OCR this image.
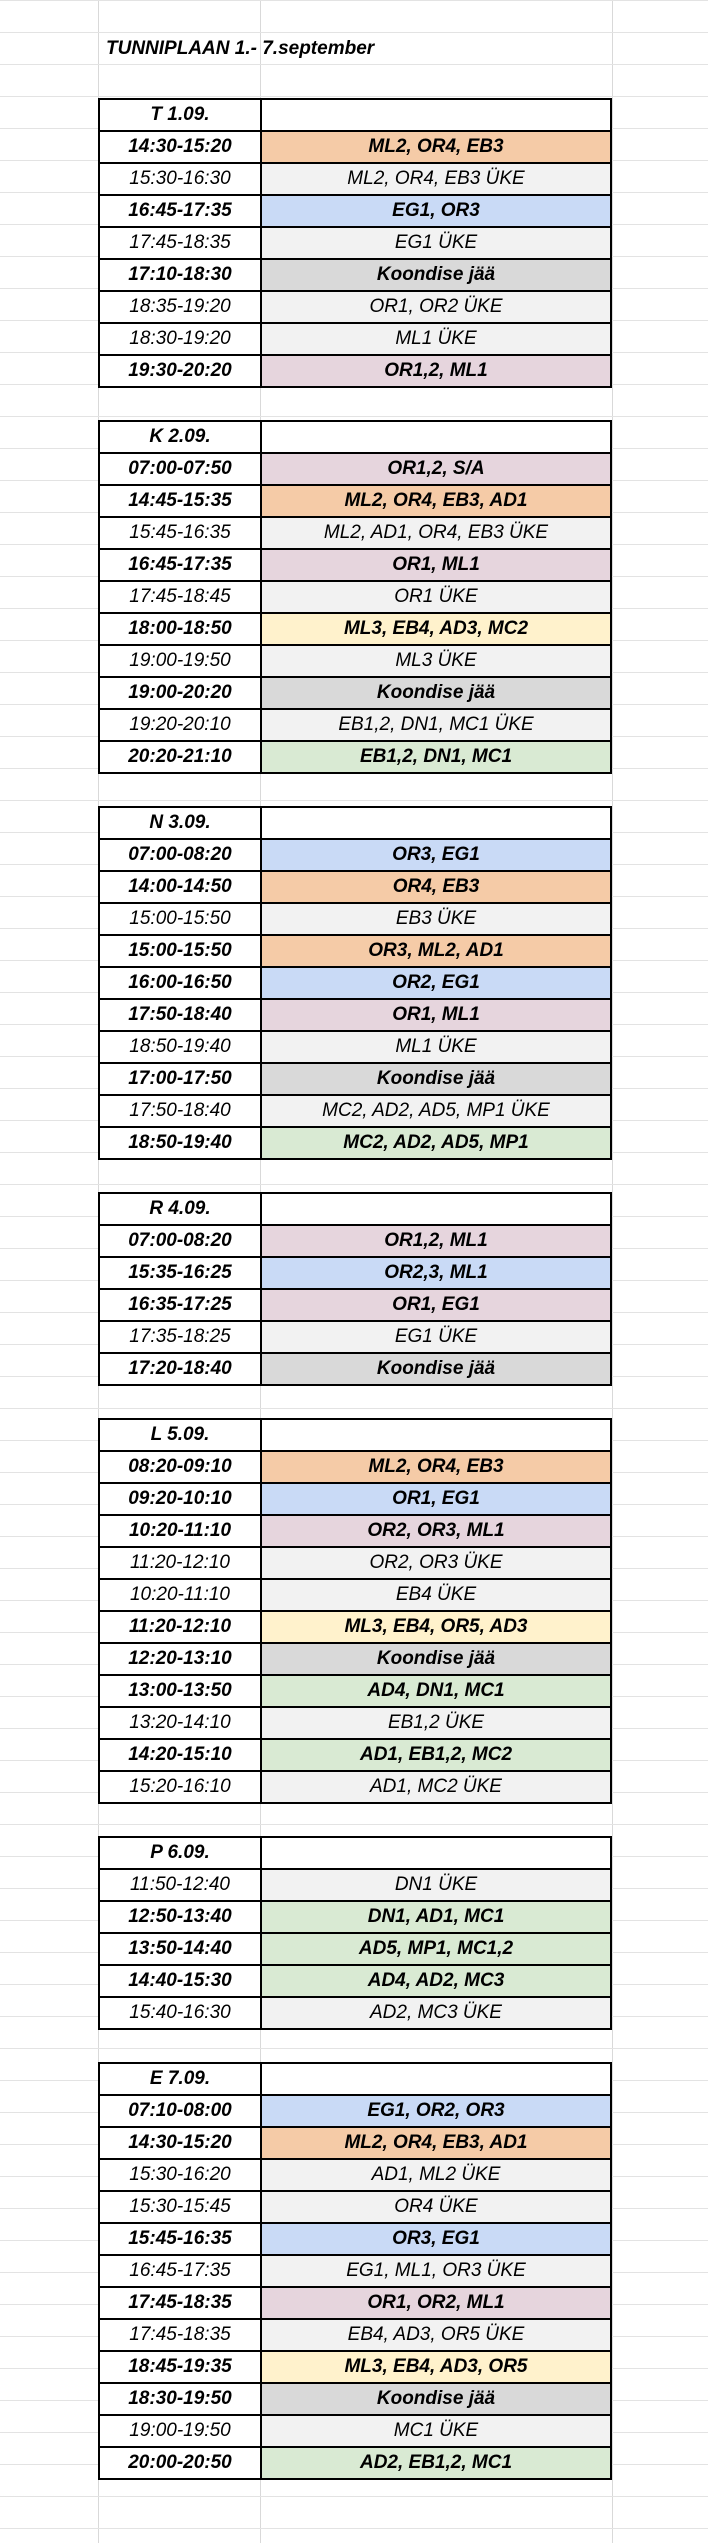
TUNNIPLAAN 1.- 7.september
T 1.09.
14:30-15:20	ML2, OR4, EB3
15:30-16:30	ML2, OR4, EB3 ÜKE
16:45-17:35	EG1, OR3
17:45-18:35	EG1 ÜKE
17:10-18:30	Koondise jää
18:35-19:20	OR1, OR2 ÜKE
18:30-19:20	ML1 ÜKE
19:30-20:20	OR1,2, ML1
K 2.09.
07:00-07:50	OR1,2, S/A
14:45-15:35	ML2, OR4, EB3, AD1
15:45-16:35	ML2, AD1, OR4, EB3 ÜKE
16:45-17:35	OR1, ML1
17:45-18:45	OR1 ÜKE
18:00-18:50	ML3, EB4, AD3, MC2
19:00-19:50	ML3 ÜKE
19:00-20:20	Koondise jää
19:20-20:10	EB1,2, DN1, MC1 ÜKE
20:20-21:10	EB1,2, DN1, MC1
N 3.09.
07:00-08:20	OR3, EG1
14:00-14:50	OR4, EB3
15:00-15:50	EB3 ÜKE
15:00-15:50	OR3, ML2, AD1
16:00-16:50	OR2, EG1
17:50-18:40	OR1, ML1
18:50-19:40	ML1 ÜKE
17:00-17:50	Koondise jää
17:50-18:40	MC2, AD2, AD5, MP1 ÜKE
18:50-19:40	MC2, AD2, AD5, MP1
R 4.09.
07:00-08:20	OR1,2, ML1
15:35-16:25	OR2,3, ML1
16:35-17:25	OR1, EG1
17:35-18:25	EG1 ÜKE
17:20-18:40	Koondise jää
L 5.09.
08:20-09:10	ML2, OR4, EB3
09:20-10:10	OR1, EG1
10:20-11:10	OR2, OR3, ML1
11:20-12:10	OR2, OR3 ÜKE
10:20-11:10	EB4 ÜKE
11:20-12:10	ML3, EB4, OR5, AD3
12:20-13:10	Koondise jää
13:00-13:50	AD4, DN1, MC1
13:20-14:10	EB1,2 ÜKE
14:20-15:10	AD1, EB1,2, MC2
15:20-16:10	AD1, MC2 ÜKE
P 6.09.
11:50-12:40	DN1 ÜKE
12:50-13:40	DN1, AD1, MC1
13:50-14:40	AD5, MP1, MC1,2
14:40-15:30	AD4, AD2, MC3
15:40-16:30	AD2, MC3 ÜKE
E 7.09.
07:10-08:00	EG1, OR2, OR3
14:30-15:20	ML2, OR4, EB3, AD1
15:30-16:20	AD1, ML2 ÜKE
15:30-15:45	OR4 ÜKE
15:45-16:35	OR3, EG1
16:45-17:35	EG1, ML1, OR3 ÜKE
17:45-18:35	OR1, OR2, ML1
17:45-18:35	EB4, AD3, OR5 ÜKE
18:45-19:35	ML3, EB4, AD3, OR5
18:30-19:50	Koondise jää
19:00-19:50	MC1 ÜKE
20:00-20:50	AD2, EB1,2, MC1
